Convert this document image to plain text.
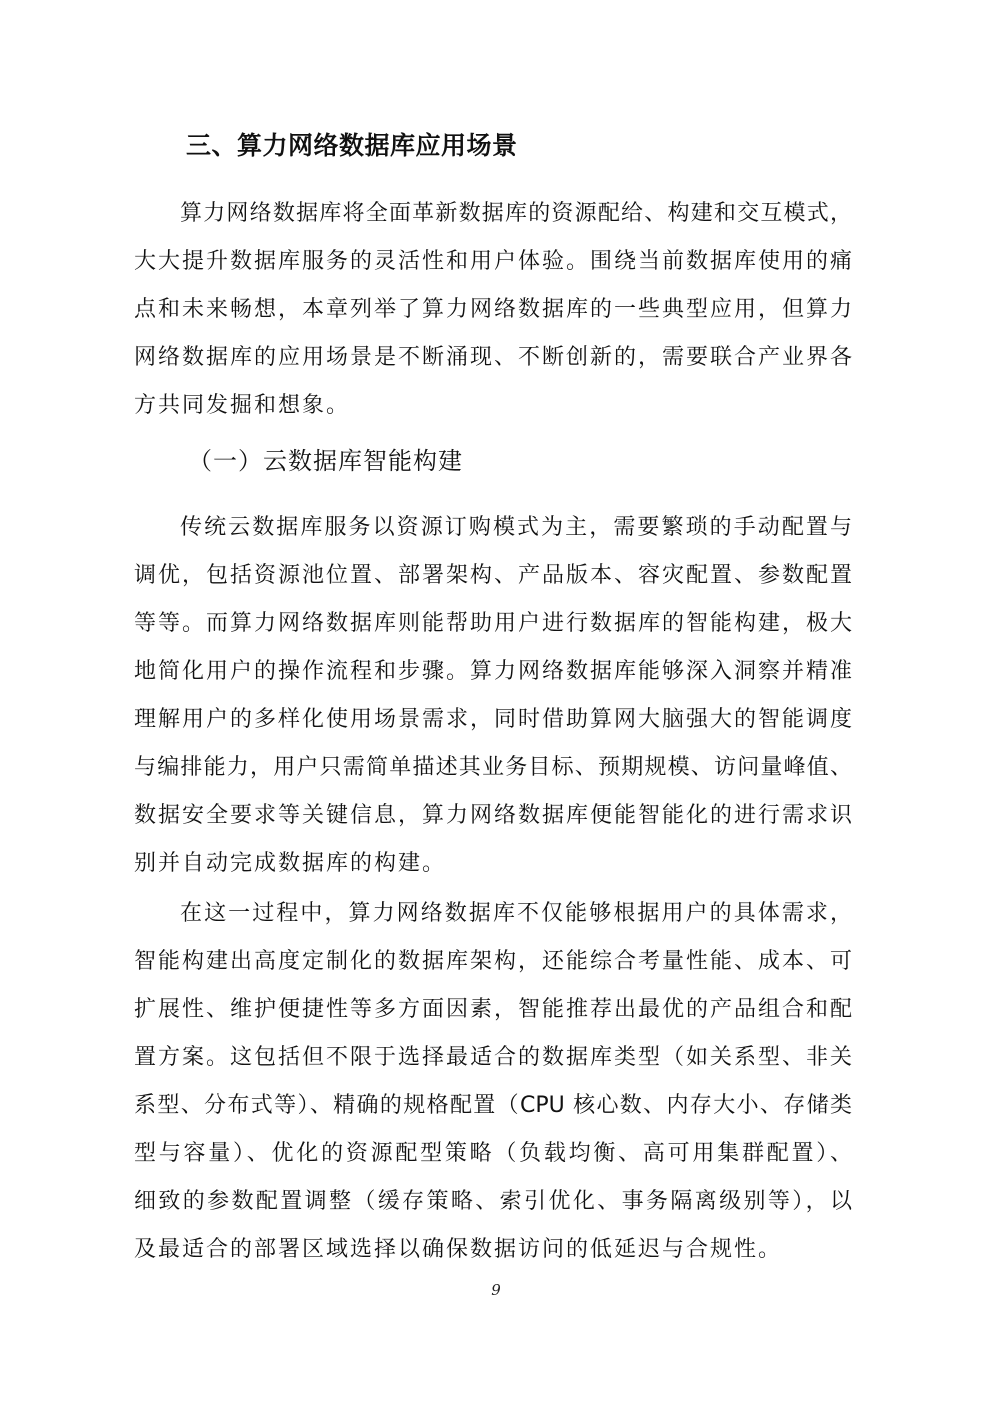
三、算力网络数据库应用场景
算力网络数据库将全面革新数据库的资源配给、构建和交互模式，
大大提升数据库服务的灵活性和用户体验。围绕当前数据库使用的痛
点和未来畅想，本章列举了算力网络数据库的一些典型应用，但算力
网络数据库的应用场景是不断涌现、不断创新的，需要联合产业界各
方共同发掘和想象。
（一）云数据库智能构建
传统云数据库服务以资源订购模式为主，需要繁琐的手动配置与
调优，包括资源池位置、部署架构、产品版本、容灾配置、参数配置
等等。而算力网络数据库则能帮助用户进行数据库的智能构建，极大
地简化用户的操作流程和步骤。算力网络数据库能够深入洞察并精准
理解用户的多样化使用场景需求，同时借助算网大脑强大的智能调度
与编排能力，用户只需简单描述其业务目标、预期规模、访问量峰值、
数据安全要求等关键信息，算力网络数据库便能智能化的进行需求识
别并自动完成数据库的构建。
在这一过程中，算力网络数据库不仅能够根据用户的具体需求，
智能构建出高度定制化的数据库架构，还能综合考量性能、成本、可
扩展性、维护便捷性等多方面因素，智能推荐出最优的产品组合和配
置方案。这包括但不限于选择最适合的数据库类型（如关系型、非关
系型、分布式等）、精确的规格配置（CPU 核心数、内存大小、存储类
型与容量）、优化的资源配型策略（负载均衡、高可用集群配置）、
细致的参数配置调整（缓存策略、索引优化、事务隔离级别等），以
及最适合的部署区域选择以确保数据访问的低延迟与合规性。
9
